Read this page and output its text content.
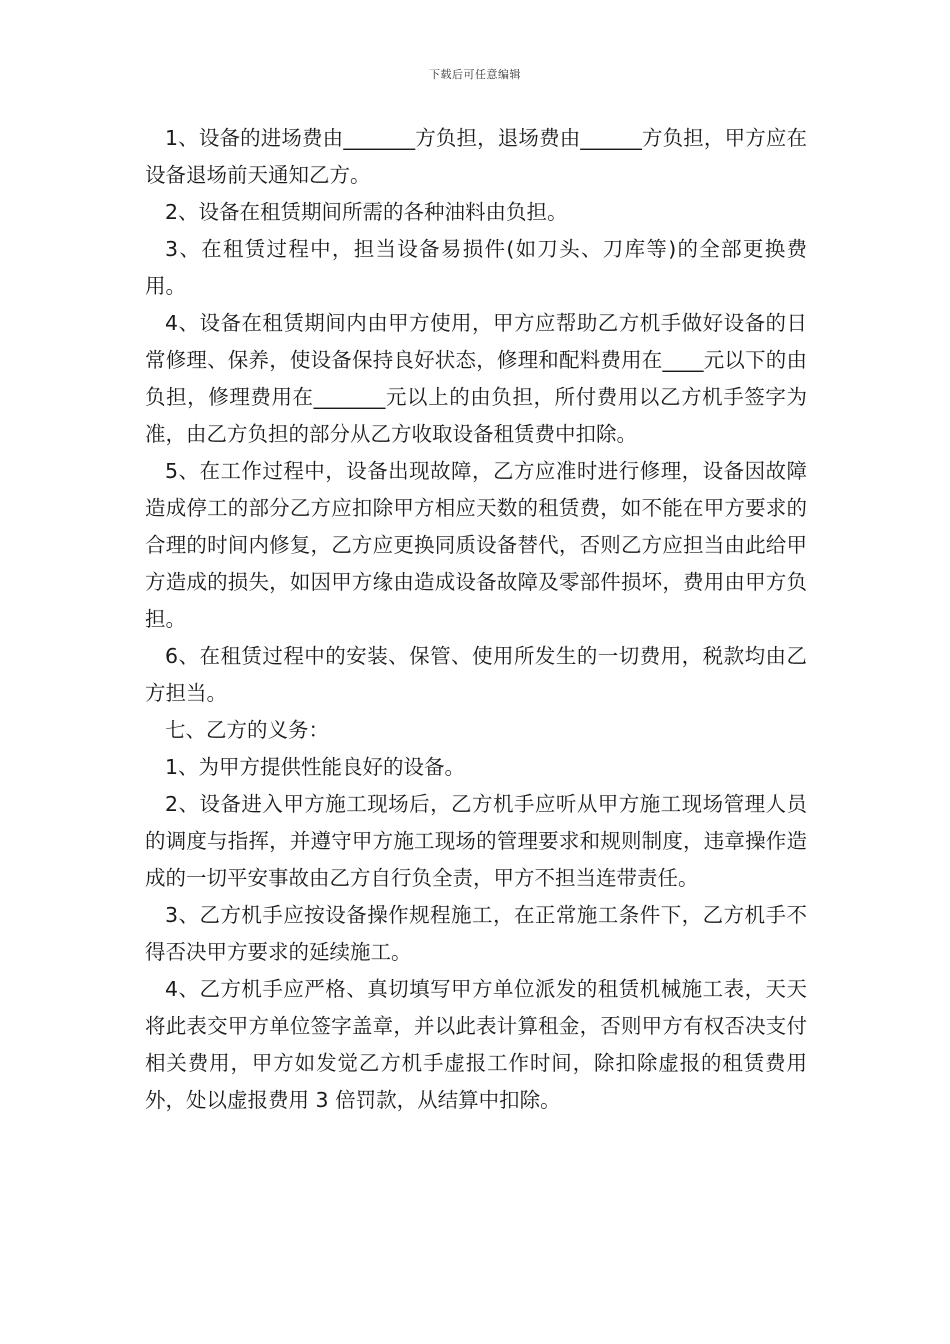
下载后可任意编辑

1、设备的进场费由_______方负担，退场费由______方负担，甲方应在设备退场前天通知乙方。

2、设备在租赁期间所需的各种油料由负担。

3、在租赁过程中，担当设备易损件(如刀头、刀库等)的全部更换费用。

4、设备在租赁期间内由甲方使用，甲方应帮助乙方机手做好设备的日常修理、保养，使设备保持良好状态，修理和配料费用在____元以下的由负担，修理费用在_______元以上的由负担，所付费用以乙方机手签字为准，由乙方负担的部分从乙方收取设备租赁费中扣除。

5、在工作过程中，设备出现故障，乙方应准时进行修理，设备因故障造成停工的部分乙方应扣除甲方相应天数的租赁费，如不能在甲方要求的合理的时间内修复，乙方应更换同质设备替代，否则乙方应担当由此给甲方造成的损失，如因甲方缘由造成设备故障及零部件损坏，费用由甲方负担。

6、在租赁过程中的安装、保管、使用所发生的一切费用，税款均由乙方担当。

七、乙方的义务：

1、为甲方提供性能良好的设备。

2、设备进入甲方施工现场后，乙方机手应听从甲方施工现场管理人员的调度与指挥，并遵守甲方施工现场的管理要求和规则制度，违章操作造成的一切平安事故由乙方自行负全责，甲方不担当连带责任。

3、乙方机手应按设备操作规程施工，在正常施工条件下，乙方机手不得否决甲方要求的延续施工。

4、乙方机手应严格、真切填写甲方单位派发的租赁机械施工表，天天将此表交甲方单位签字盖章，并以此表计算租金，否则甲方有权否决支付相关费用，甲方如发觉乙方机手虚报工作时间，除扣除虚报的租赁费用外，处以虚报费用 3 倍罚款，从结算中扣除。
